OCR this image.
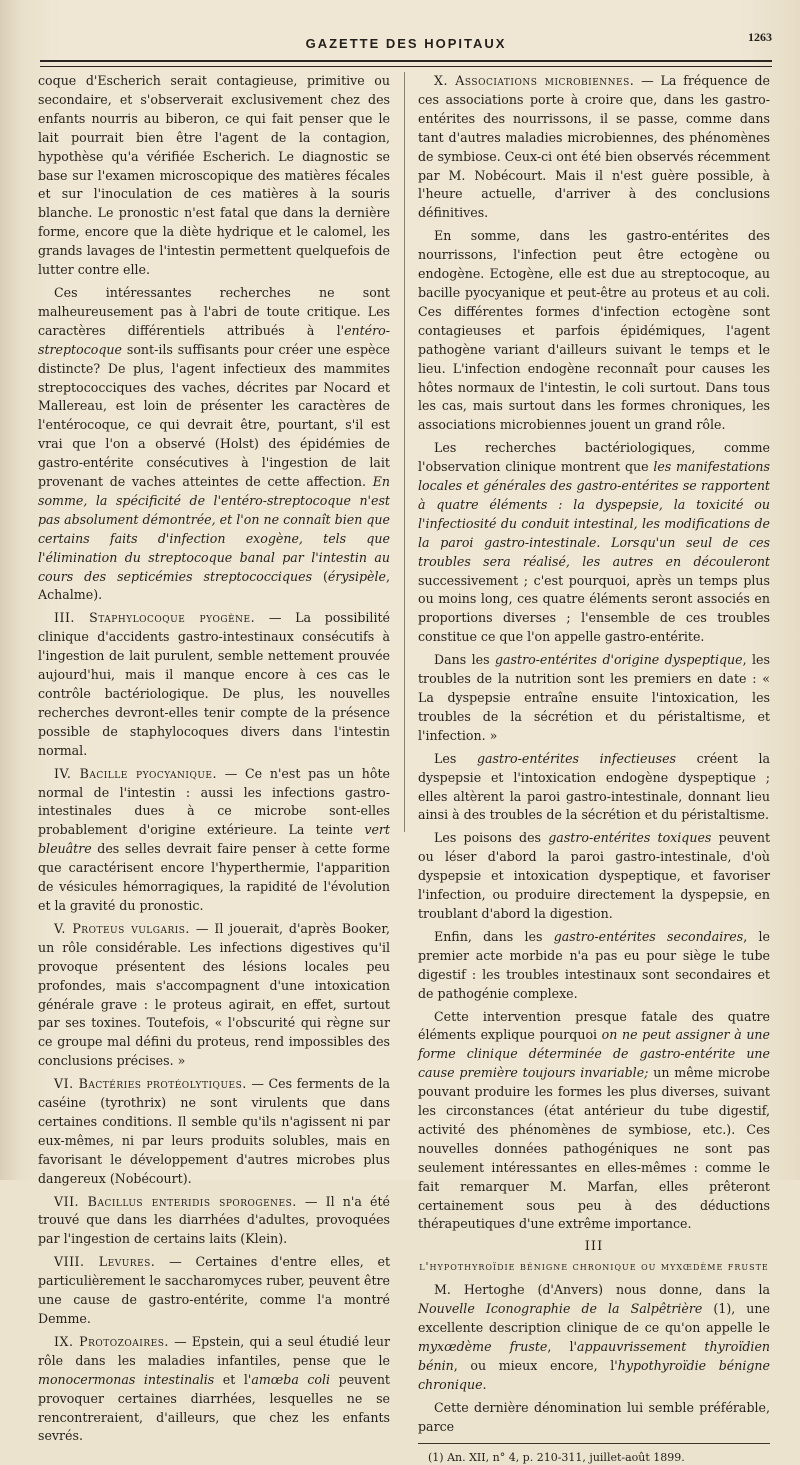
GAZETTE DES HOPITAUX	1263

coque d'Escherich serait contagieuse, primitive ou secondaire, et s'observerait exclusivement chez des enfants nourris au biberon, ce qui fait penser que le lait pourrait bien être l'agent de la contagion, hypothèse qu'a vérifiée Escherich. Le diagnostic se base sur l'examen microscopique des matières fécales et sur l'inoculation de ces matières à la souris blanche. Le pronostic n'est fatal que dans la dernière forme, encore que la diète hydrique et le calomel, les grands lavages de l'intestin permettent quelquefois de lutter contre elle.

Ces intéressantes recherches ne sont malheureusement pas à l'abri de toute critique. Les caractères différentiels attribués à l'entéro-streptocoque sont-ils suffisants pour créer une espèce distincte? De plus, l'agent infectieux des mammites streptococciques des vaches, décrites par Nocard et Mallereau, est loin de présenter les caractères de l'entérocoque, ce qui devrait être, pourtant, s'il est vrai que l'on a observé (Holst) des épidémies de gastro-entérite consécutives à l'ingestion de lait provenant de vaches atteintes de cette affection. En somme, la spécificité de l'entéro-streptocoque n'est pas absolument démontrée, et l'on ne connaît bien que certains faits d'infection exogène, tels que l'élimination du streptocoque banal par l'intestin au cours des septicémies streptococciques (érysipèle, Achalme).

III. Staphylocoque pyogène. — La possibilité clinique d'accidents gastro-intestinaux consécutifs à l'ingestion de lait purulent, semble nettement prouvée aujourd'hui, mais il manque encore à ces cas le contrôle bactériologique. De plus, les nouvelles recherches devront-elles tenir compte de la présence possible de staphylocoques divers dans l'intestin normal.

IV. Bacille pyocyanique. — Ce n'est pas un hôte normal de l'intestin : aussi les infections gastro-intestinales dues à ce microbe sont-elles probablement d'origine extérieure. La teinte vert bleuâtre des selles devrait faire penser à cette forme que caractérisent encore l'hyperthermie, l'apparition de vésicules hémorragiques, la rapidité de l'évolution et la gravité du pronostic.

V. Proteus vulgaris. — Il jouerait, d'après Booker, un rôle considérable. Les infections digestives qu'il provoque présentent des lésions locales peu profondes, mais s'accompagnent d'une intoxication générale grave : le proteus agirait, en effet, surtout par ses toxines. Toutefois, « l'obscurité qui règne sur ce groupe mal défini du proteus, rend impossibles des conclusions précises. »

VI. Bactéries protéolytiques. — Ces ferments de la caséine (tyrothrix) ne sont virulents que dans certaines conditions. Il semble qu'ils n'agissent ni par eux-mêmes, ni par leurs produits solubles, mais en favorisant le développement d'autres microbes plus dangereux (Nobécourt).

VII. Bacillus enteridis sporogenes. — Il n'a été trouvé que dans les diarrhées d'adultes, provoquées par l'ingestion de certains laits (Klein).

VIII. Levures. — Certaines d'entre elles, et particulièrement le saccharomyces ruber, peuvent être une cause de gastro-entérite, comme l'a montré Demme.

IX. Protozoaires. — Epstein, qui a seul étudié leur rôle dans les maladies infantiles, pense que le monocermonas intestinalis et l'amœba coli peuvent provoquer certaines diarrhées, lesquelles ne se rencontreraient, d'ailleurs, que chez les enfants sevrés.

X. Associations microbiennes. — La fréquence de ces associations porte à croire que, dans les gastro-entérites des nourrissons, il se passe, comme dans tant d'autres maladies microbiennes, des phénomènes de symbiose. Ceux-ci ont été bien observés récemment par M. Nobécourt. Mais il n'est guère possible, à l'heure actuelle, d'arriver à des conclusions définitives.

En somme, dans les gastro-entérites des nourrissons, l'infection peut être ectogène ou endogène. Ectogène, elle est due au streptocoque, au bacille pyocyanique et peut-être au proteus et au coli. Ces différentes formes d'infection ectogène sont contagieuses et parfois épidémiques, l'agent pathogène variant d'ailleurs suivant le temps et le lieu. L'infection endogène reconnaît pour causes les hôtes normaux de l'intestin, le coli surtout. Dans tous les cas, mais surtout dans les formes chroniques, les associations microbiennes jouent un grand rôle.

Les recherches bactériologiques, comme l'observation clinique montrent que les manifestations locales et générales des gastro-entérites se rapportent à quatre éléments : la dyspepsie, la toxicité ou l'infectiosité du conduit intestinal, les modifications de la paroi gastro-intestinale. Lorsqu'un seul de ces troubles sera réalisé, les autres en découleront successivement ; c'est pourquoi, après un temps plus ou moins long, ces quatre éléments seront associés en proportions diverses ; l'ensemble de ces troubles constitue ce que l'on appelle gastro-entérite.

Dans les gastro-entérites d'origine dyspeptique, les troubles de la nutrition sont les premiers en date : « La dyspepsie entraîne ensuite l'intoxication, les troubles de la sécrétion et du péristaltisme, et l'infection. »

Les gastro-entérites infectieuses créent la dyspepsie et l'intoxication endogène dyspeptique ; elles altèrent la paroi gastro-intestinale, donnant lieu ainsi à des troubles de la sécrétion et du péristaltisme.

Les poisons des gastro-entérites toxiques peuvent ou léser d'abord la paroi gastro-intestinale, d'où dyspepsie et intoxication dyspeptique, et favoriser l'infection, ou produire directement la dyspepsie, en troublant d'abord la digestion.

Enfin, dans les gastro-entérites secondaires, le premier acte morbide n'a pas eu pour siège le tube digestif : les troubles intestinaux sont secondaires et de pathogénie complexe.

Cette intervention presque fatale des quatre éléments explique pourquoi on ne peut assigner à une forme clinique déterminée de gastro-entérite une cause première toujours invariable; un même microbe pouvant produire les formes les plus diverses, suivant les circonstances (état antérieur du tube digestif, activité des phénomènes de symbiose, etc.). Ces nouvelles données pathogéniques ne sont pas seulement intéressantes en elles-mêmes : comme le fait remarquer M. Marfan, elles prêteront certainement sous peu à des déductions thérapeutiques d'une extrême importance.

III
l'hypothyroïdie bénigne chronique ou myxœdème fruste

M. Hertoghe (d'Anvers) nous donne, dans la Nouvelle Iconographie de la Salpêtrière (1), une excellente description clinique de ce qu'on appelle le myxœdème fruste, l'appauvrissement thyroïdien bénin, ou mieux encore, l'hypothyroïdie bénigne chronique.

Cette dernière dénomination lui semble préférable, parce

(1) An. XII, n° 4, p. 210-311, juillet-août 1899.
